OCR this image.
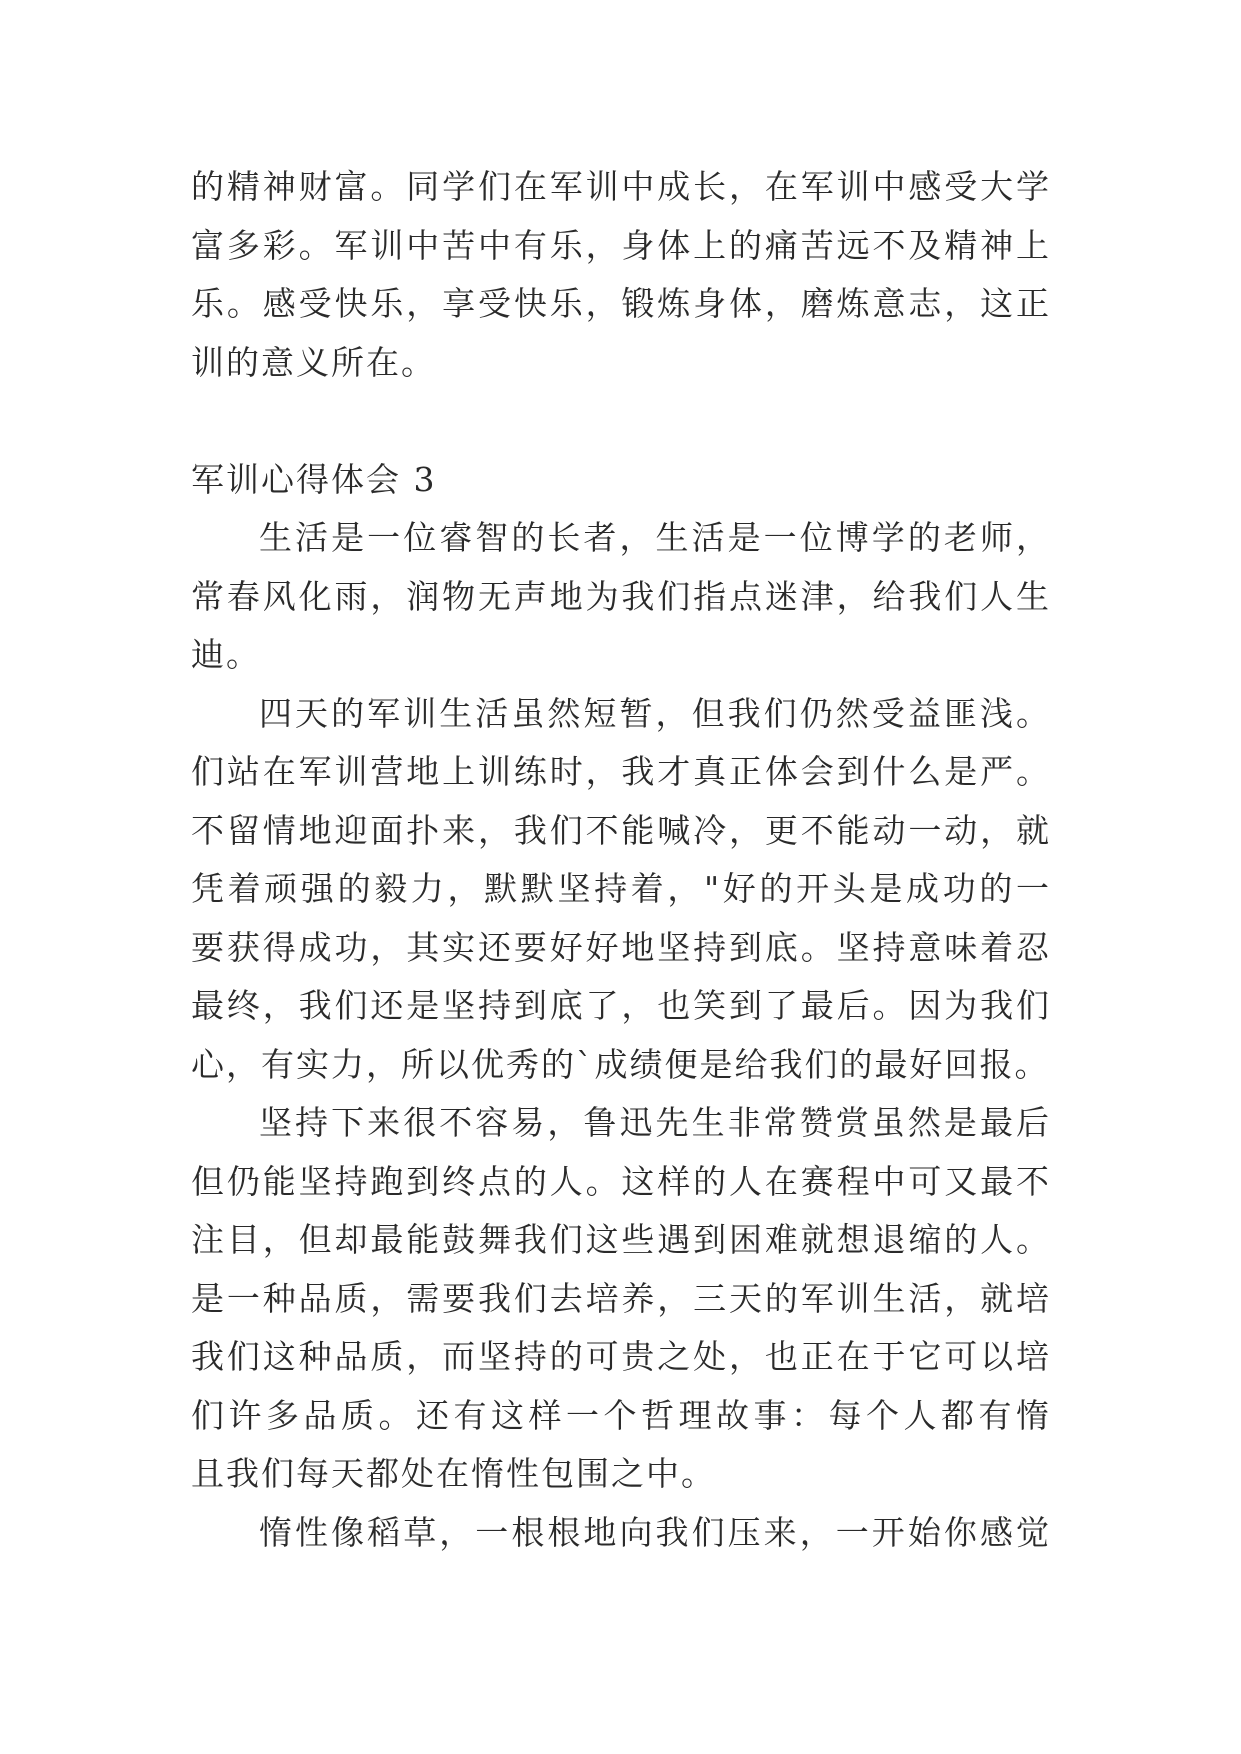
的精神财富。同学们在军训中成长，在军训中感受大学
富多彩。军训中苦中有乐，身体上的痛苦远不及精神上
乐。感受快乐，享受快乐，锻炼身体，磨炼意志，这正
训的意义所在。
军训心得体会 3
生活是一位睿智的长者，生活是一位博学的老师，
常春风化雨，润物无声地为我们指点迷津，给我们人生
迪。
四天的军训生活虽然短暂，但我们仍然受益匪浅。
们站在军训营地上训练时，我才真正体会到什么是严。
不留情地迎面扑来，我们不能喊冷，更不能动一动，就
凭着顽强的毅力，默默坚持着，"好的开头是成功的一
要获得成功，其实还要好好地坚持到底。坚持意味着忍
最终，我们还是坚持到底了，也笑到了最后。因为我们
心，有实力，所以优秀的`成绩便是给我们的最好回报。
坚持下来很不容易，鲁迅先生非常赞赏虽然是最后
但仍能坚持跑到终点的人。这样的人在赛程中可又最不
注目，但却最能鼓舞我们这些遇到困难就想退缩的人。
是一种品质，需要我们去培养，三天的军训生活，就培
我们这种品质，而坚持的可贵之处，也正在于它可以培
们许多品质。还有这样一个哲理故事：每个人都有惰
且我们每天都处在惰性包围之中。
惰性像稻草，一根根地向我们压来，一开始你感觉
